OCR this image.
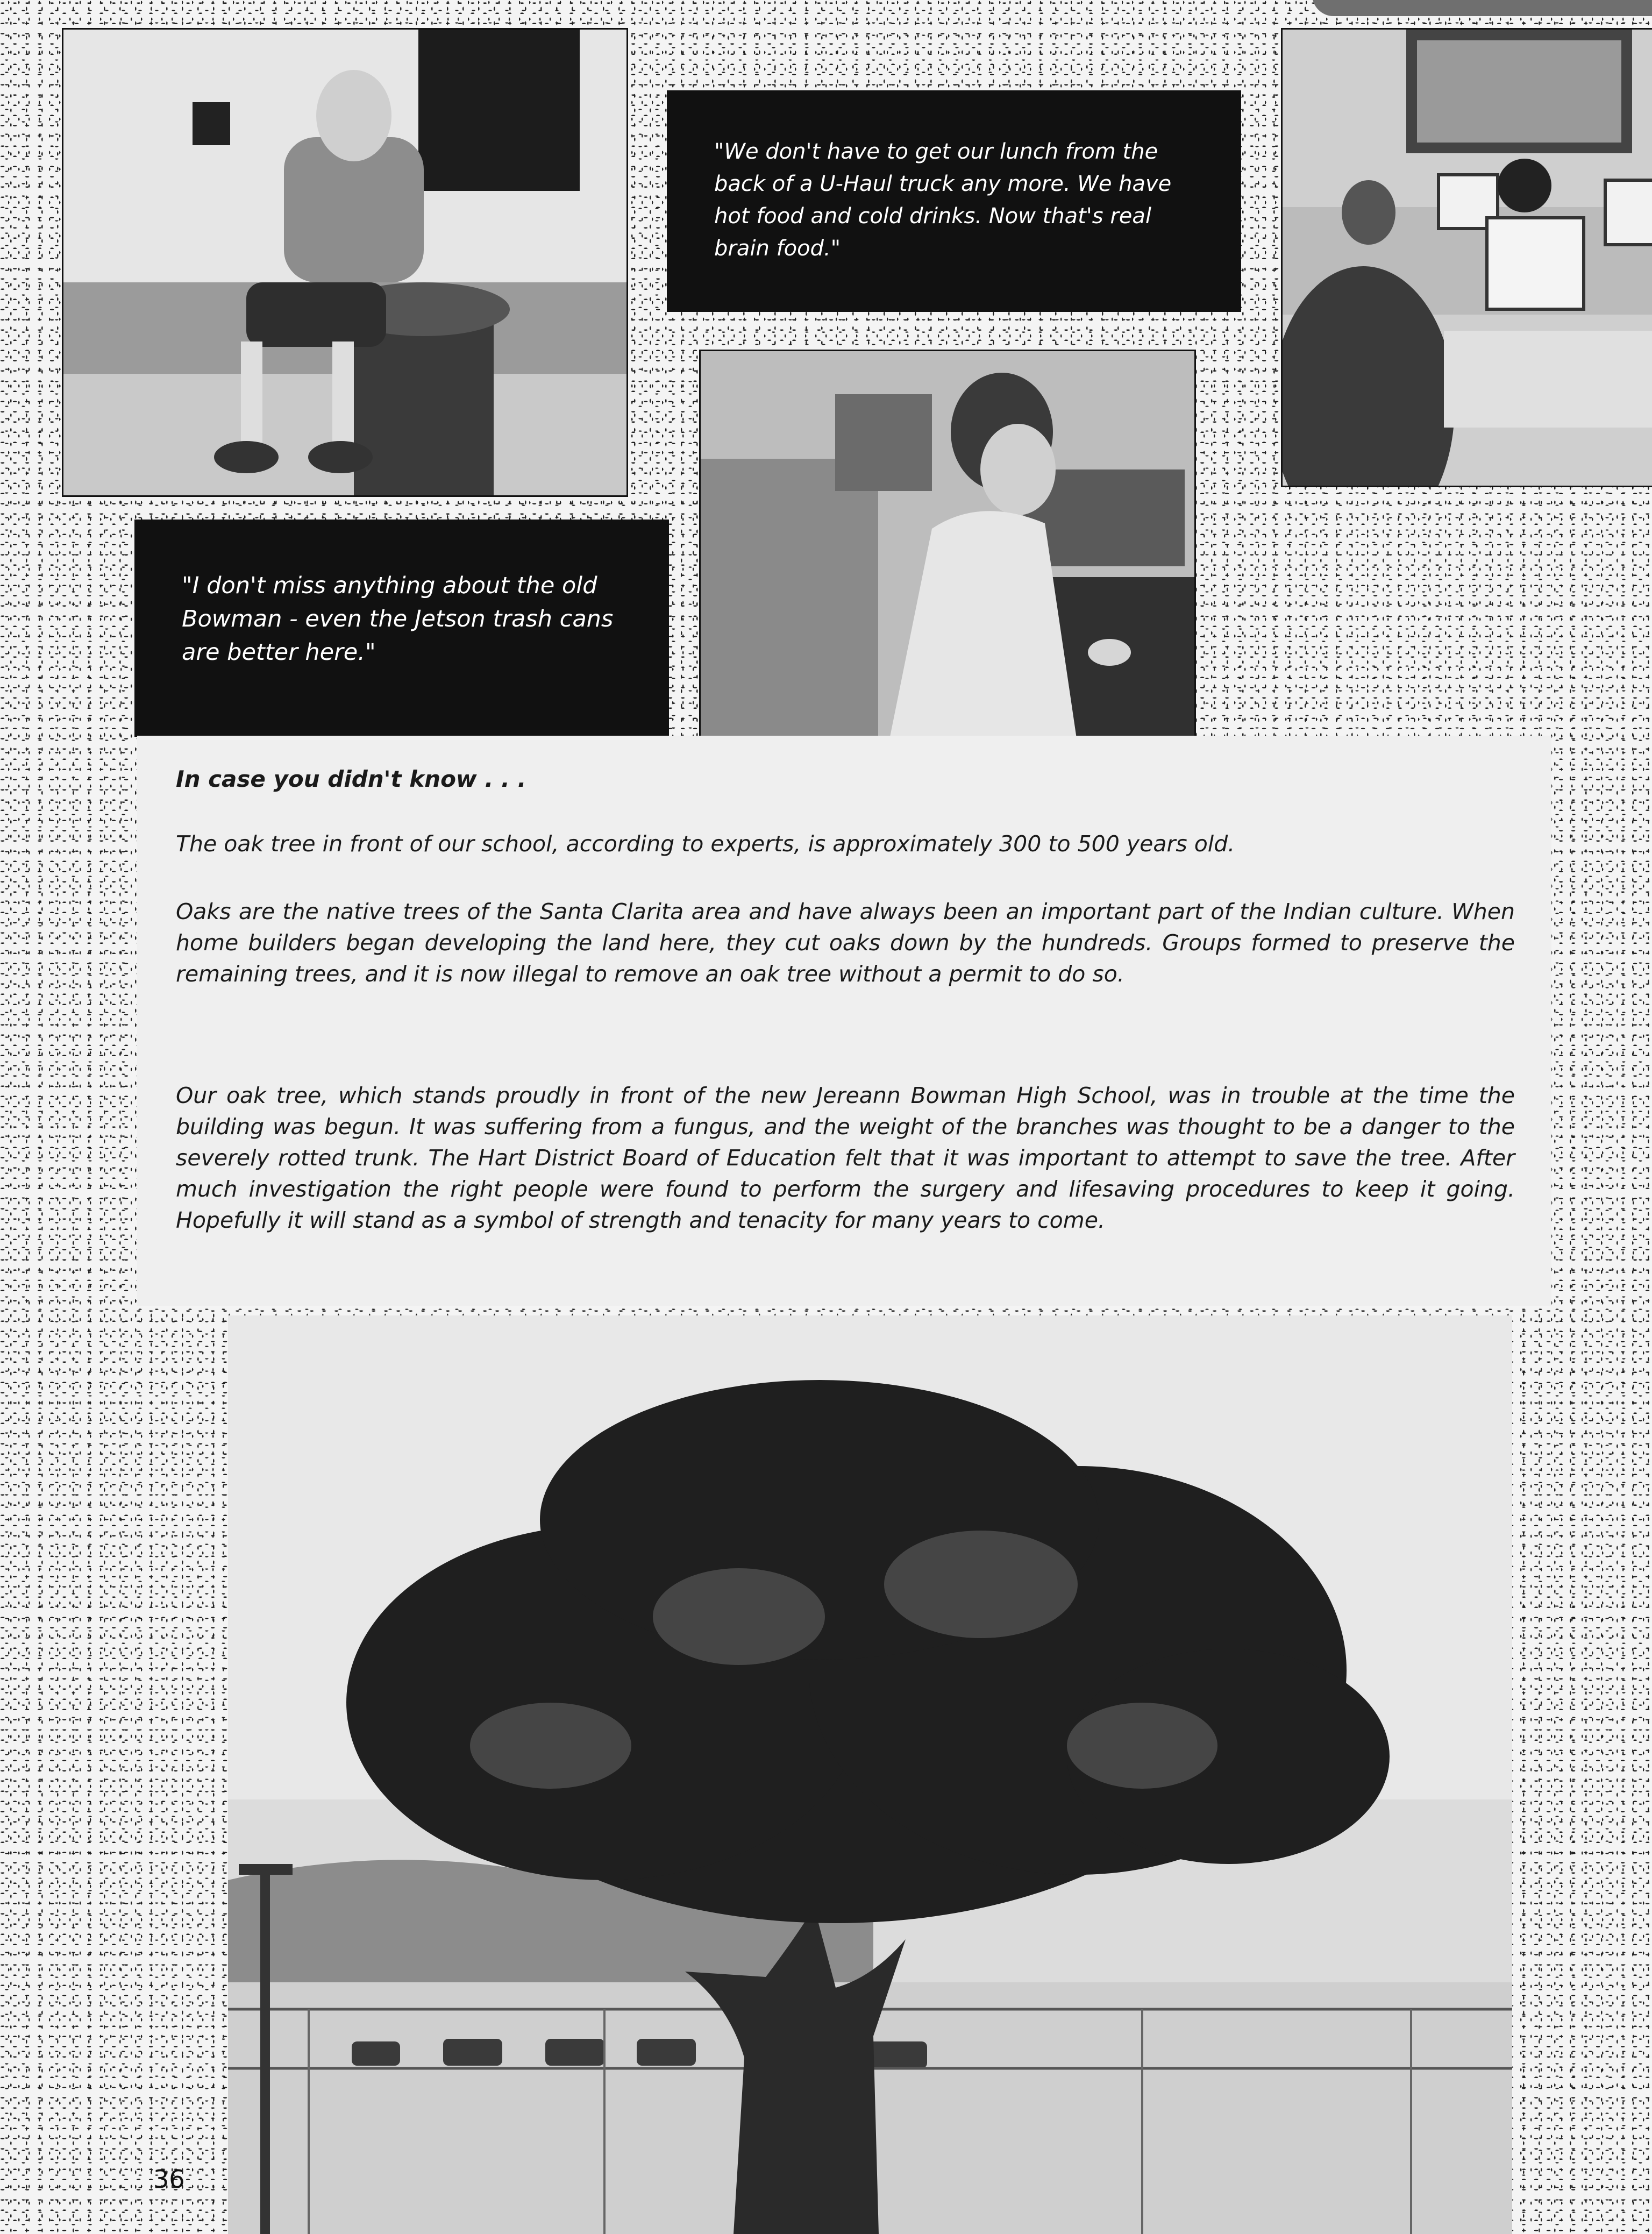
"We don't have to get our lunch from the back of a U-Haul truck any more. We have hot food and cold drinks. Now that's real brain food."

"I don't miss anything about the old Bowman - even the Jetson trash cans are better here."

In case you didn't know . . .

The oak tree in front of our school, according to experts, is approximately 300 to 500 years old.

Oaks are the native trees of the Santa Clarita area and have always been an important part of the Indian culture. When home builders began developing the land here, they cut oaks down by the hundreds. Groups formed to preserve the remaining trees, and it is now illegal to remove an oak tree without a permit to do so.

Our oak tree, which stands proudly in front of the new Jereann Bowman High School, was in trouble at the time the building was begun. It was suffering from a fungus, and the weight of the branches was thought to be a danger to the severely rotted trunk. The Hart District Board of Education felt that it was important to attempt to save the tree. After much investigation the right people were found to perform the surgery and lifesaving procedures to keep it going. Hopefully it will stand as a symbol of strength and tenacity for many years to come.

36
